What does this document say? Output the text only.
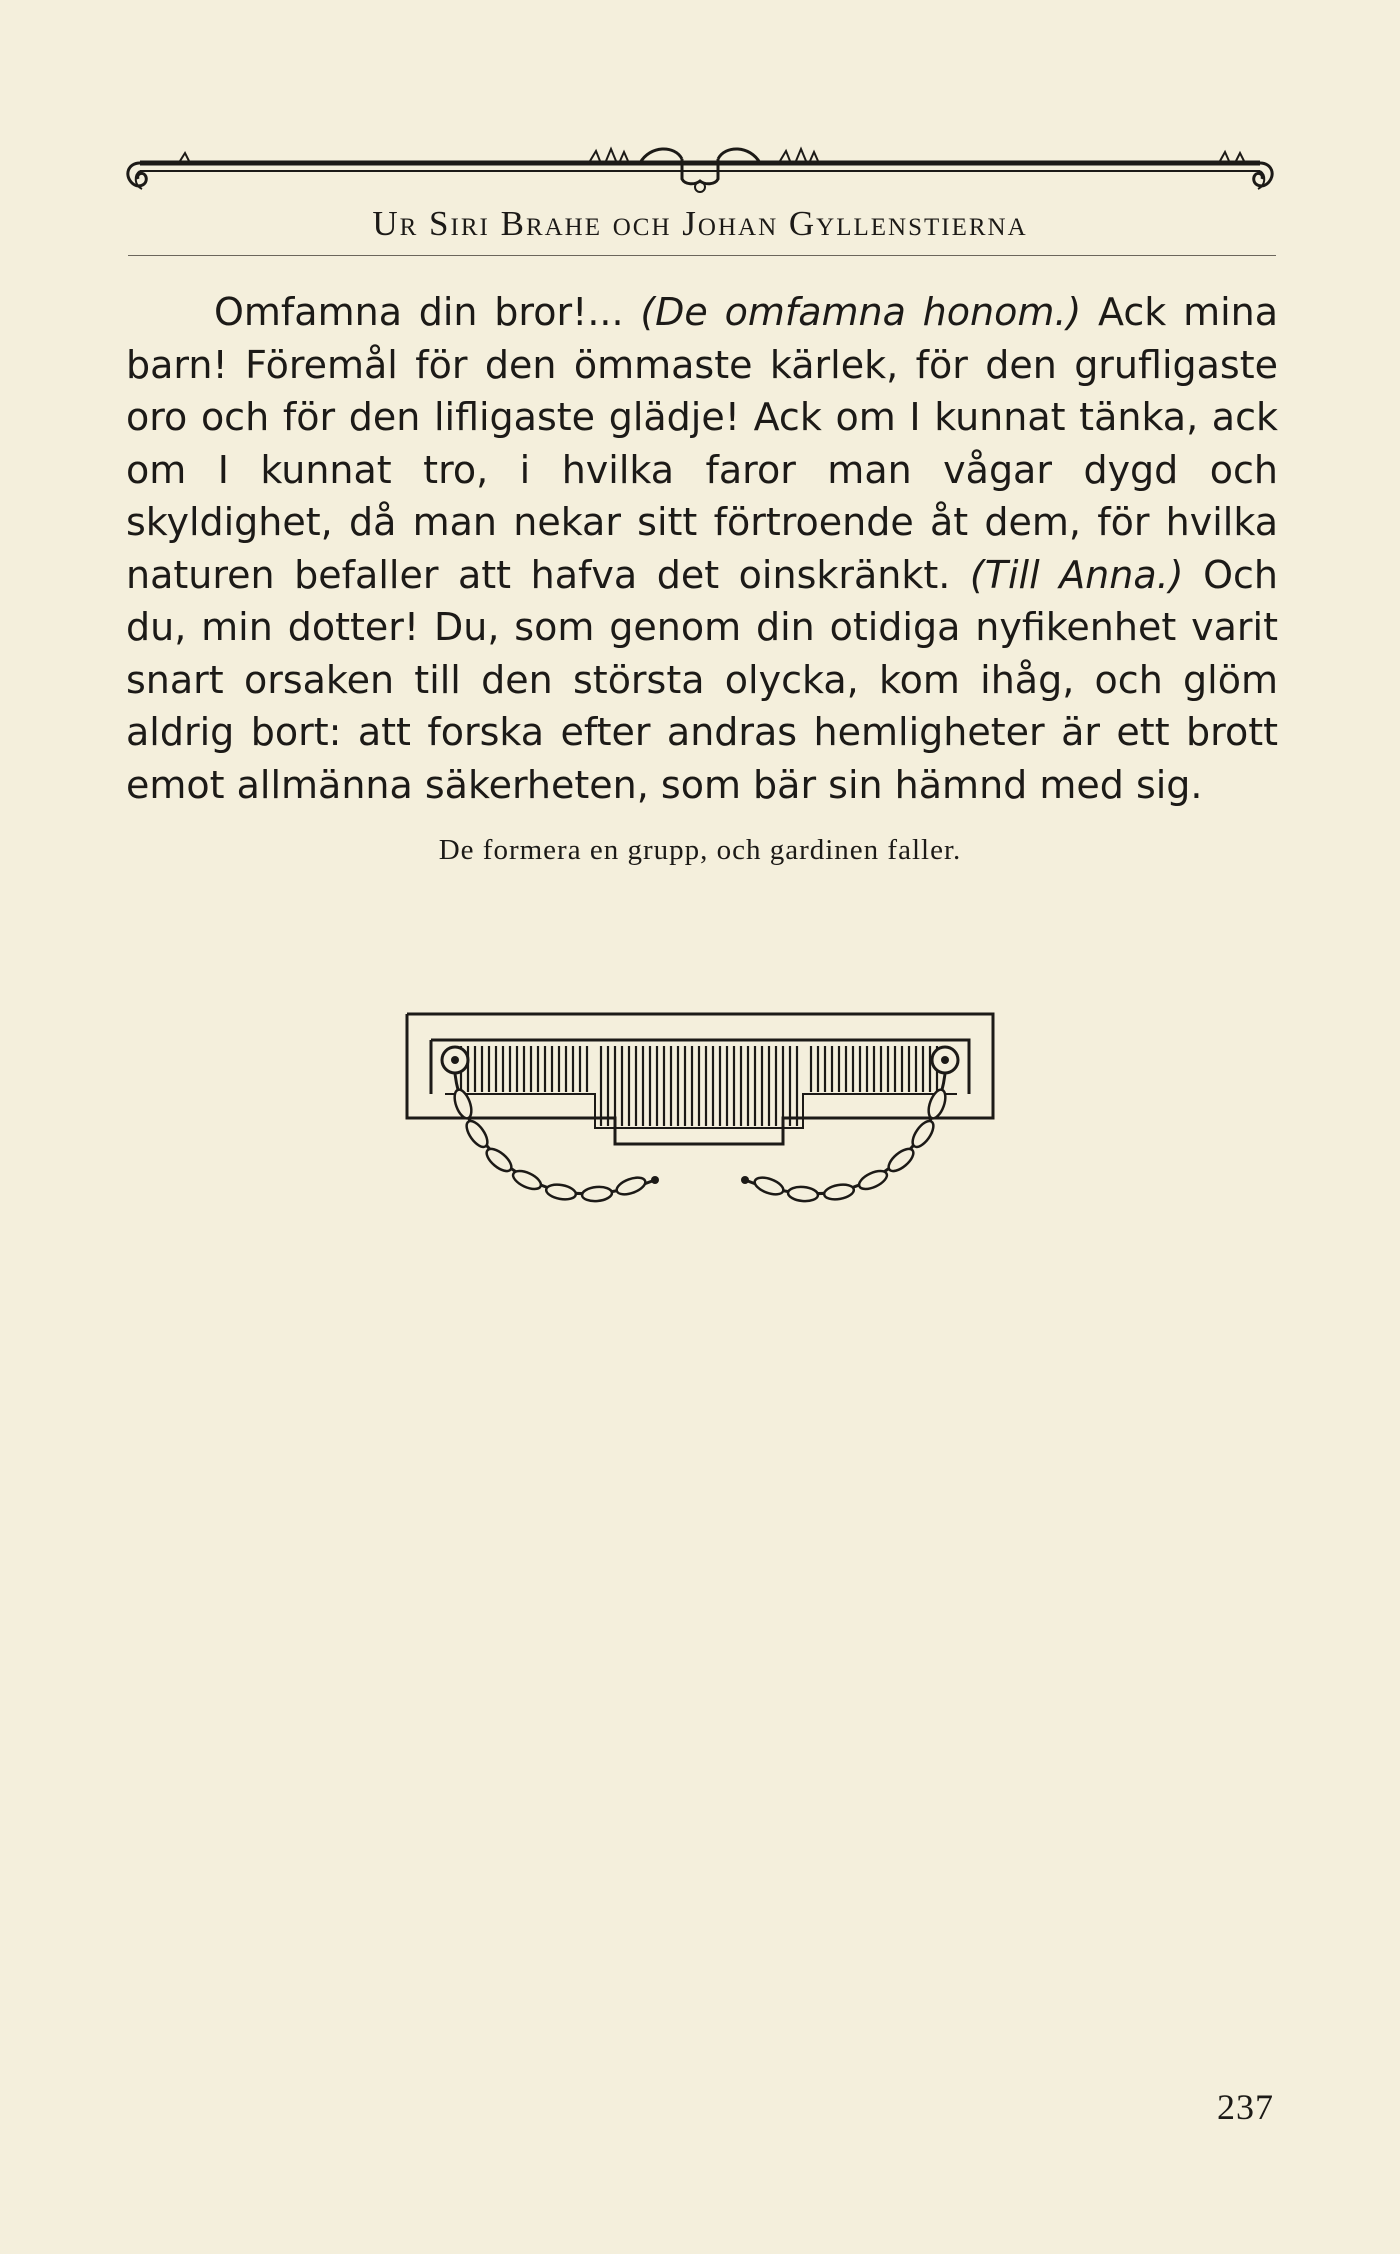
Ur Siri Brahe och Johan Gyllenstierna
Omfamna din bror!... (De omfamna honom.) Ack mina barn! Föremål för den ömmaste kärlek, för den grufligaste oro och för den lifligaste glädje! Ack om I kunnat tänka, ack om I kunnat tro, i hvilka faror man vågar dygd och skyldighet, då man nekar sitt förtroende åt dem, för hvilka naturen befaller att hafva det oinskränkt. (Till Anna.) Och du, min dotter! Du, som genom din otidiga nyfikenhet varit snart orsaken till den största olycka, kom ihåg, och glöm aldrig bort: att forska efter andras hemligheter är ett brott emot allmänna säkerheten, som bär sin hämnd med sig.
De formera en grupp, och gardinen faller.
237
